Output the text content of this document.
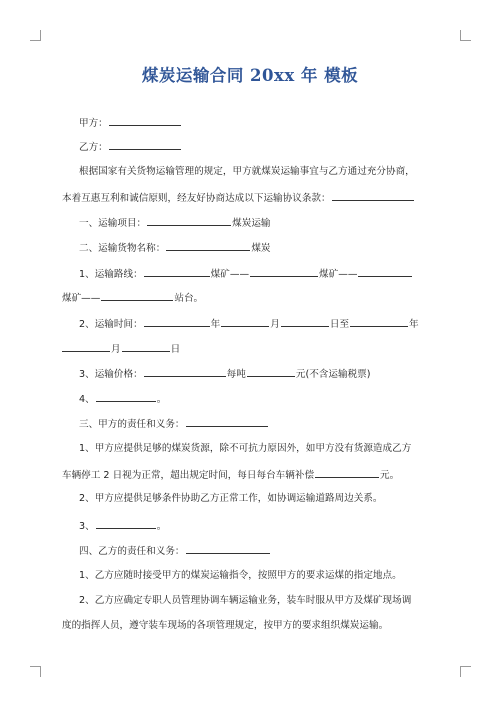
煤炭运输合同 20xx 年 模板
甲方：
乙方：
根据国家有关货物运输管理的规定，甲方就煤炭运输事宜与乙方通过充分协商，
本着互惠互利和诚信原则，经友好协商达成以下运输协议条款：
一、运输项目：	煤炭运输
二、运输货物名称：	煤炭
1、运输路线：	煤矿——	煤矿——
煤矿——	站台。
2、运输时间：	年	月	日至	年
月	日
3、运输价格：	每吨	元(不含运输税票)
4、	。
三、甲方的责任和义务：
1、甲方应提供足够的煤炭货源，除不可抗力原因外，如甲方没有货源造成乙方
车辆停工 2 日视为正常，超出规定时间，每日每台车辆补偿	元。
2、甲方应提供足够条件协助乙方正常工作，如协调运输道路周边关系。
3、	。
四、乙方的责任和义务：
1、乙方应随时接受甲方的煤炭运输指令，按照甲方的要求运煤的指定地点。
2、乙方应确定专职人员管理协调车辆运输业务，装车时服从甲方及煤矿现场调
度的指挥人员，遵守装车现场的各项管理规定，按甲方的要求组织煤炭运输。
